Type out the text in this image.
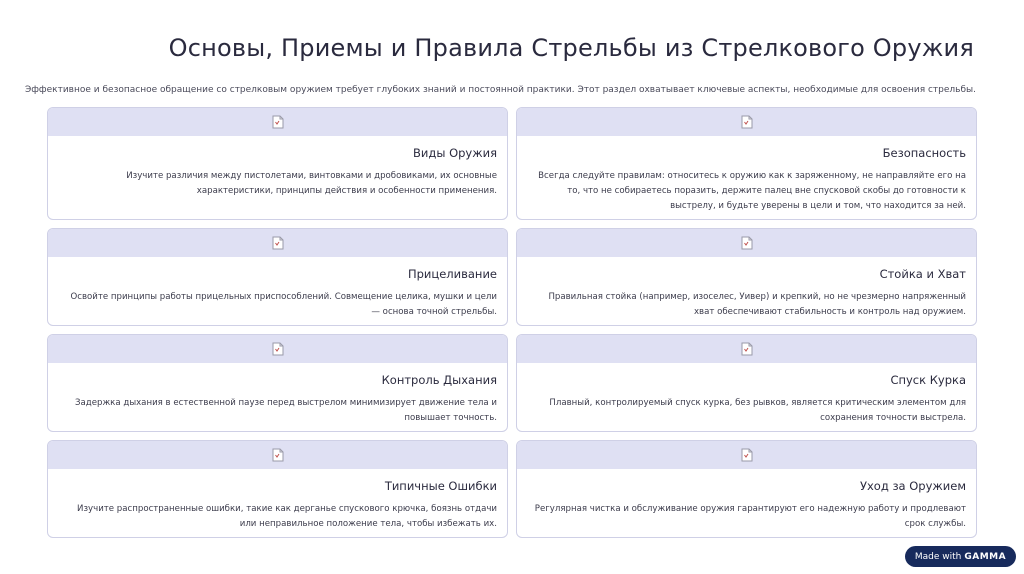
Основы, Приемы и Правила Стрельбы из Стрелкового Оружия
Эффективное и безопасное обращение со стрелковым оружием требует глубоких знаний и постоянной практики. Этот раздел охватывает ключевые аспекты, необходимые для освоения стрельбы.
Виды Оружия
Изучите различия между пистолетами, винтовками и дробовиками, их основные характеристики, принципы действия и особенности применения.
Безопасность
Всегда следуйте правилам: относитесь к оружию как к заряженному, не направляйте его на то, что не собираетесь поразить, держите палец вне спусковой скобы до готовности к выстрелу, и будьте уверены в цели и том, что находится за ней.
Прицеливание
Освойте принципы работы прицельных приспособлений. Совмещение целика, мушки и цели — основа точной стрельбы.
Стойка и Хват
Правильная стойка (например, изоселес, Уивер) и крепкий, но не чрезмерно напряженный хват обеспечивают стабильность и контроль над оружием.
Контроль Дыхания
Задержка дыхания в естественной паузе перед выстрелом минимизирует движение тела и повышает точность.
Спуск Курка
Плавный, контролируемый спуск курка, без рывков, является критическим элементом для сохранения точности выстрела.
Типичные Ошибки
Изучите распространенные ошибки, такие как дерганье спускового крючка, боязнь отдачи или неправильное положение тела, чтобы избежать их.
Уход за Оружием
Регулярная чистка и обслуживание оружия гарантируют его надежную работу и продлевают срок службы.
Made with GAMMA
